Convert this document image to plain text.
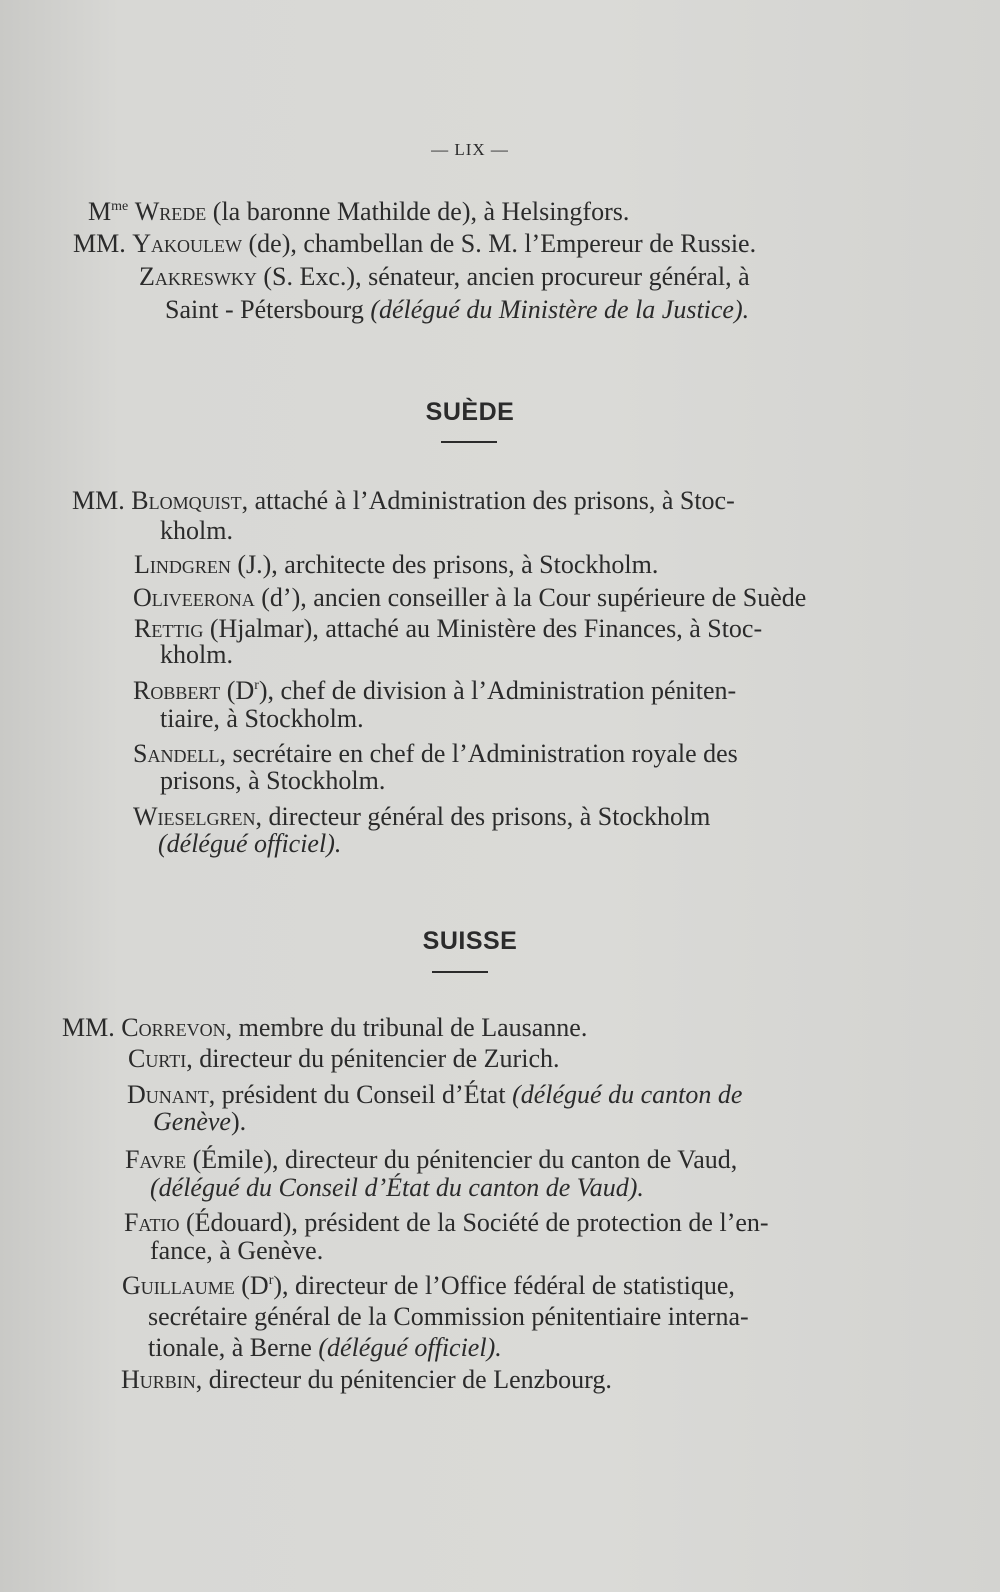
— LIX —
$M^{me}$ Wrede (la baronne Mathilde de), à Helsingfors.
MM. Yakoulew (de), chambellan de S. M. l’Empereur de Russie.
Zakreswky (S. Exc.), sénateur, ancien procureur général, à
Saint - Pétersbourg (délégué du Ministère de la Justice).
SUÈDE
MM. Blomquist, attaché à l’Administration des prisons, à Stoc-
kholm.
Lindgren (J.), architecte des prisons, à Stockholm.
Oliveerona (d’), ancien conseiller à la Cour supérieure de Suède
Rettig (Hjalmar), attaché au Ministère des Finances, à Stoc-
kholm.
Robbert $(D^r)$, chef de division à l’Administration péniten-
tiaire, à Stockholm.
Sandell, secrétaire en chef de l’Administration royale des
prisons, à Stockholm.
Wieselgren, directeur général des prisons, à Stockholm
(délégué officiel).
SUISSE
MM. Correvon, membre du tribunal de Lausanne.
Curti, directeur du pénitencier de Zurich.
Dunant, président du Conseil d’État (délégué du canton de
Genève).
Favre (Émile), directeur du pénitencier du canton de Vaud,
(délégué du Conseil d’État du canton de Vaud).
Fatio (Édouard), président de la Société de protection de l’en-
fance, à Genève.
Guillaume $(D^r)$, directeur de l’Office fédéral de statistique,
secrétaire général de la Commission pénitentiaire interna-
tionale, à Berne (délégué officiel).
Hurbin, directeur du pénitencier de Lenzbourg.
